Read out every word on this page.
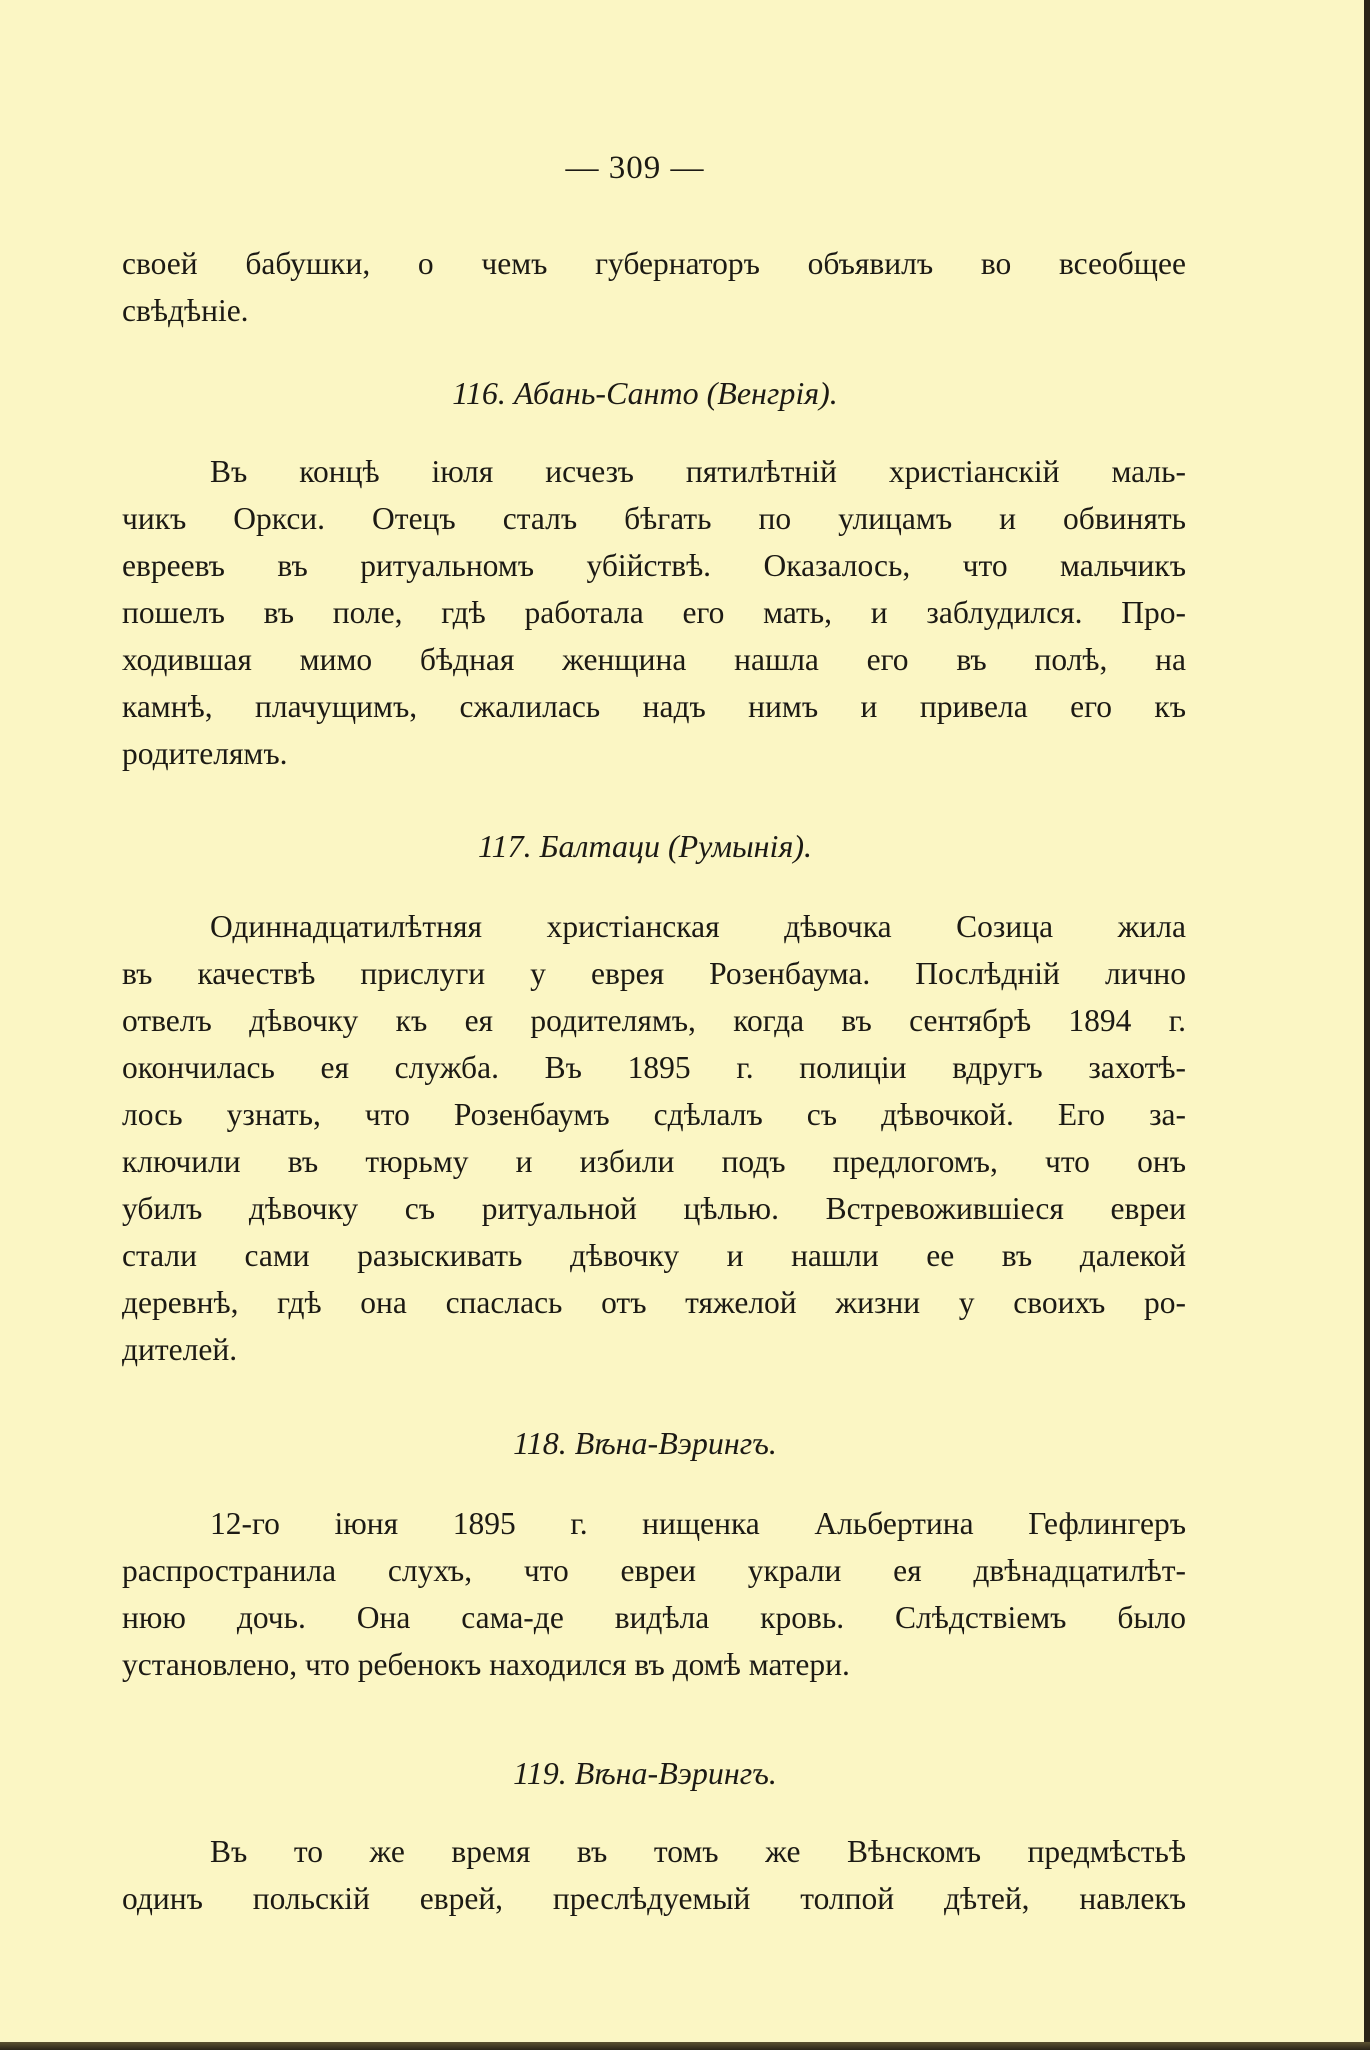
— 309 —
своей бабушки, о чемъ губернаторъ объявилъ во всеобщее
свѣдѣніе.
116. Абань-Санто (Венгрія).
Въ концѣ іюля исчезъ пятилѣтній христіанскій маль-
чикъ Оркси. Отецъ сталъ бѣгать по улицамъ и обвинять
евреевъ въ ритуальномъ убійствѣ. Оказалось, что мальчикъ
пошелъ въ поле, гдѣ работала его мать, и заблудился. Про-
ходившая мимо бѣдная женщина нашла его въ полѣ, на
камнѣ, плачущимъ, сжалилась надъ нимъ и привела его къ
родителямъ.
117. Балтаци (Румынія).
Одиннадцатилѣтняя христіанская дѣвочка Созица жила
въ качествѣ прислуги у еврея Розенбаума. Послѣдній лично
отвелъ дѣвочку къ ея родителямъ, когда въ сентябрѣ 1894 г.
окончилась ея служба. Въ 1895 г. полиціи вдругъ захотѣ-
лось узнать, что Розенбаумъ сдѣлалъ съ дѣвочкой. Его за-
ключили въ тюрьму и избили подъ предлогомъ, что онъ
убилъ дѣвочку съ ритуальной цѣлью. Встревожившіеся евреи
стали сами разыскивать дѣвочку и нашли ее въ далекой
деревнѣ, гдѣ она спаслась отъ тяжелой жизни у своихъ ро-
дителей.
118. Вѣна-Вэрингъ.
12-го іюня 1895 г. нищенка Альбертина Гефлингеръ
распространила слухъ, что евреи украли ея двѣнадцатилѣт-
нюю дочь. Она сама-де видѣла кровь. Слѣдствіемъ было
установлено, что ребенокъ находился въ домѣ матери.
119. Вѣна-Вэрингъ.
Въ то же время въ томъ же Вѣнскомъ предмѣстьѣ
одинъ польскій еврей, преслѣдуемый толпой дѣтей, навлекъ
